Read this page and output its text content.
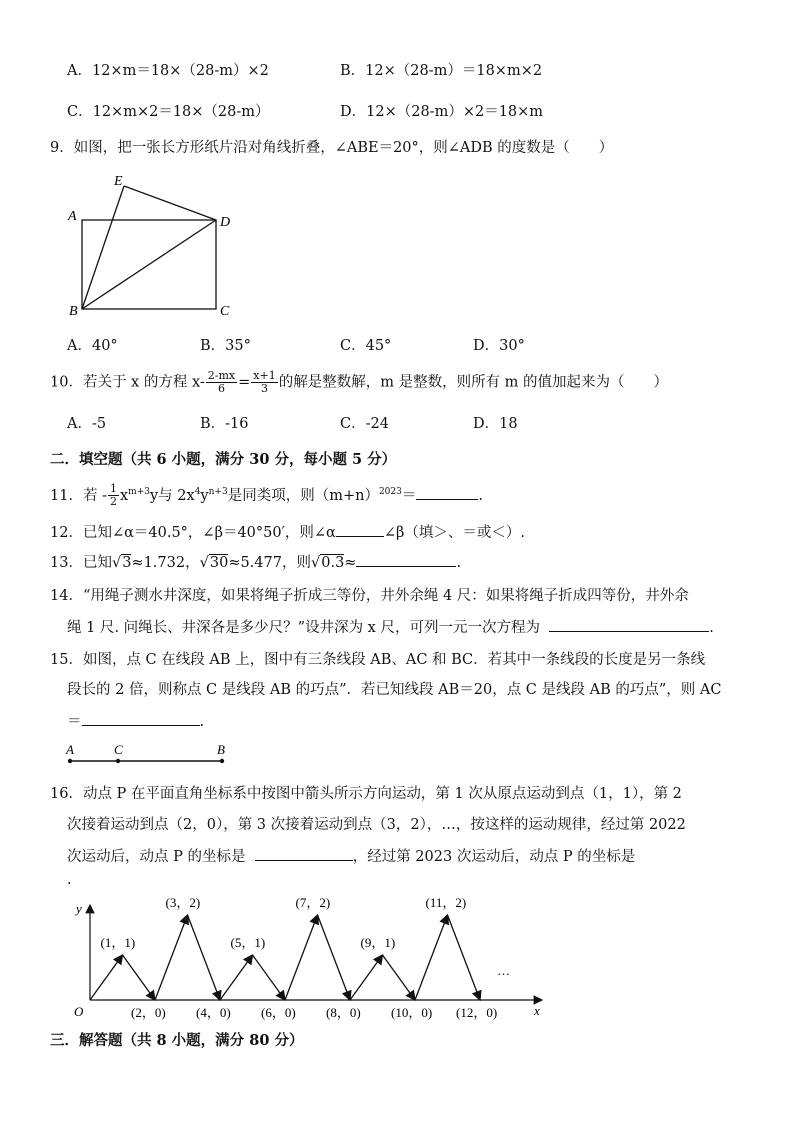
A．12×m＝18×（28-m）×2	B．12×（28-m）＝18×m×2
C．12×m×2＝18×（28-m）	D．12×（28-m）×2＝18×m
9．如图，把一张长方形纸片沿对角线折叠，∠ABE＝20°，则∠ADB 的度数是（　　）
E
A	D
B	C
A．40°	B．35°	C．45°	D．30°
10．若关于 x 的方程 $x- \frac{2-mx}{6} = \frac{x+1}{3}$ 的解是整数解，m 是整数，则所有 m 的值加起来为（　　）
A．-5	B．-16	C．-24	D．18
二．填空题（共 6 小题，满分 30 分，每小题 5 分）
11．若 - $\frac{1}{2} x^{m+3}y$与 $2x^4y^{n+3}$是同类项，则$(m+n)^{2023}=$	.
12．已知∠α＝40.5°，∠β＝40°50′，则∠α	∠β（填＞、＝或＜）.
13．已知√3≈1.732，√30≈5.477，则√0.3≈	.
14．“用绳子测水井深度，如果将绳子折成三等份，井外余绳 4 尺：如果将绳子折成四等份，井外余
绳 1 尺. 问绳长、井深各是多少尺？”设井深为 x 尺，可列一元一次方程为	.
15．如图，点 C 在线段 AB 上，图中有三条线段 AB、AC 和 BC．若其中一条线段的长度是另一条线
段长的 2 倍，则称点 C 是线段 AB 的巧点”．若已知线段 AB＝20，点 C 是线段 AB 的巧点”，则 AC
＝	.
A	C	B
16．动点 P 在平面直角坐标系中按图中箭头所示方向运动，第 1 次从原点运动到点（1，1），第 2
次接着运动到点（2，0），第 3 次接着运动到点（3，2），…，按这样的运动规律，经过第 2022
次运动后，动点 P 的坐标是	，经过第 2023 次运动后，动点 P 的坐标是
.
y
x
O
…
(1，1)
(3，2)
(5，1)
(7，2)
(9，1)
(11，2)
(2，0) (4，0) (6，0) (8，0) (10，0) (12，0)
三．解答题（共 8 小题，满分 80 分）
